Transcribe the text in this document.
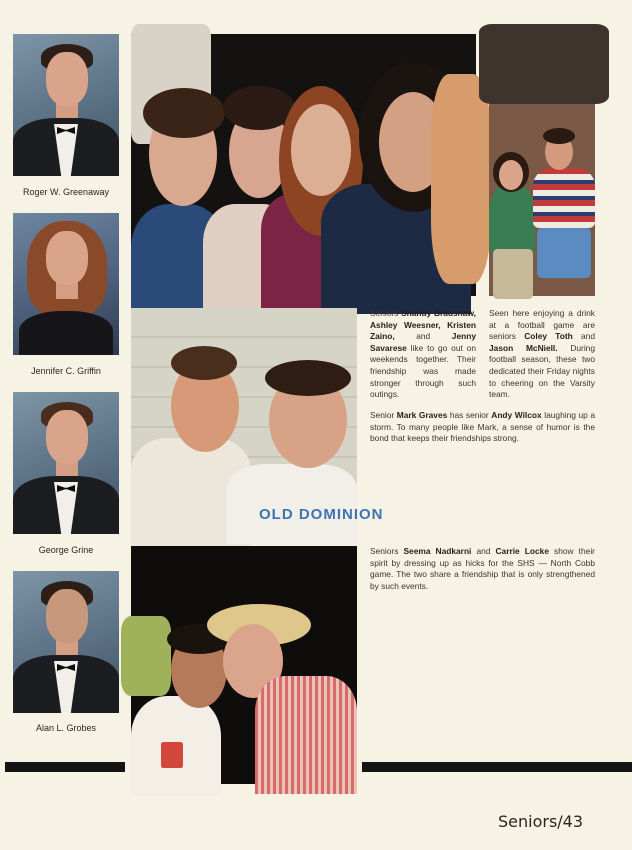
Roger W. Greenaway
Jennifer C. Griffin
George Grine
Alan L. Grobes
Seniors Shandy Bradshaw, Ashley Weesner, Kristen Zaino, and Jenny Savarese like to go out on weekends together. Their friendship was made stronger through such outings.
Seen here enjoying a drink at a football game are seniors Coley Toth and Jason McNiell. During football season, these two dedicated their Friday nights to cheering on the Varsity team.
OLD DOMINION
Senior Mark Graves has senior Andy Wilcox laughing up a storm. To many people like Mark, a sense of humor is the bond that keeps their friendships strong.
Seniors Seema Nadkarni and Carrie Locke show their spirit by dressing up as hicks for the SHS — North Cobb game. The two share a friendship that is only strengthened by such events.
Seniors/43
